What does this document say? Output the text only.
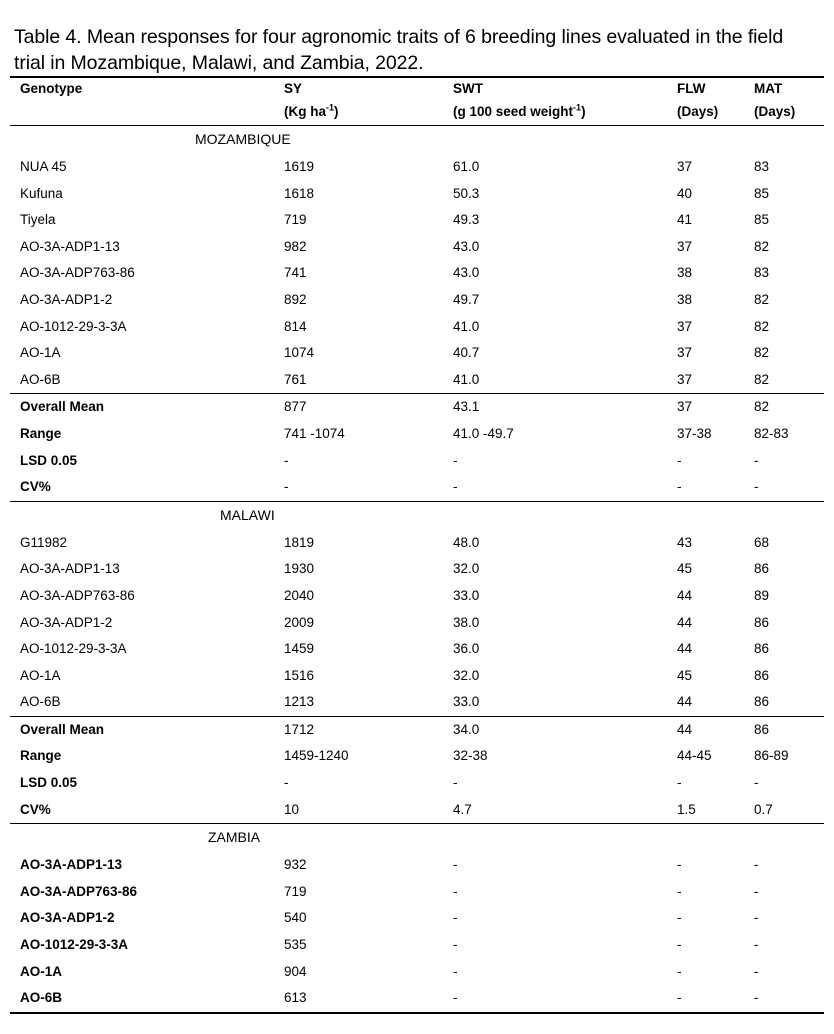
Table 4. Mean responses for four agronomic traits of 6 breeding lines evaluated in the field trial in Mozambique, Malawi, and Zambia, 2022.
Genotype	SY	SWT	FLW	MAT
	(Kg $ha^{-1}$)	(g 100 seed weight$^{-1}$)	(Days)	(Days)
MOZAMBIQUE				
NUA 45	1619	61.0	37	83
Kufuna	1618	50.3	40	85
Tiyela	719	49.3	41	85
AO-3A-ADP1-13	982	43.0	37	82
AO-3A-ADP763-86	741	43.0	38	83
AO-3A-ADP1-2	892	49.7	38	82
AO-1012-29-3-3A	814	41.0	37	82
AO-1A	1074	40.7	37	82
AO-6B	761	41.0	37	82
Overall Mean	877	43.1	37	82
Range	741 -1074	41.0 -49.7	37-38	82-83
LSD 0.05	-	-	-	-
CV%	-	-	-	-
MALAWI				
G11982	1819	48.0	43	68
AO-3A-ADP1-13	1930	32.0	45	86
AO-3A-ADP763-86	2040	33.0	44	89
AO-3A-ADP1-2	2009	38.0	44	86
AO-1012-29-3-3A	1459	36.0	44	86
AO-1A	1516	32.0	45	86
AO-6B	1213	33.0	44	86
Overall Mean	1712	34.0	44	86
Range	1459-1240	32-38	44-45	86-89
LSD 0.05	-	-	-	-
CV%	10	4.7	1.5	0.7
ZAMBIA				
AO-3A-ADP1-13	932	-	-	-
AO-3A-ADP763-86	719	-	-	-
AO-3A-ADP1-2	540	-	-	-
AO-1012-29-3-3A	535	-	-	-
AO-1A	904	-	-	-
AO-6B	613	-	-	-
